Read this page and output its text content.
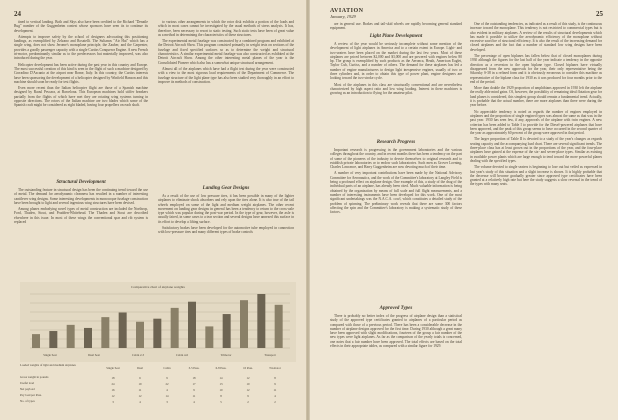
24

tined to vertical landing. Both and Skys also have been credited to the Richard "Denatle Bug" number of the Guggenheim contest whose sponsors have seen its to continue its development.

Attempts to improve safety by the school of designers advocating this positioning landings, as exemplified by Zelzano and Rosatelli. The Sultanos "Air Hat" which has a single wing, does not show Jerome's monoplane principle, the Zauber, and the Carpenter, provides a goodly passenger capacity with a single Curtiss Conqueror Engine. A new French tri-motor, predominantly similar as to the predecessors but materially improved, was also introduced during the year.

Helicopter development has been active during the past year in this country and Europe. The most successful creation of this kind is seen in the flight of such a machine designed by Corradino D'Ascanio at the airport near Rome, Italy. In this country, the Curtiss interests have been sponsoring the development of a helicopter designed by Winfield Hanson and this machine should soon be ready for test flights.

Even more recent than the Italian helicopter flight are those of a Spanish machine designed by Raoul Pescara, at Barcelona. This European machines hold stiffer breakers partially from the flights of which have met they are rotating wing systems turning in opposite directions. The rotors of the Italian machine are two blades which some of the Spanish craft might be considered as eight bladed, having four propellers on each shaft.

Structural Development

The outstanding feature in structural design has been the continuing trend toward the use of metal. The demand for aerodynamic cleanness has resulted in a number of interesting cantilever wing designs. Some interesting developments in monocoque fuselage construction have been brought to light and several ingenious wing structures have been devised.

Among planes embodying novel types of metal construction are included the Northrop, Ford, Thaden, Stout, and Prudden-Whitehead. The Thaden and Stout are described elsewhere in this issue. In most of these wings the conventional spar and rib system is replaced

to various other arrangements in which the rotor disk exhibits a portion of the loads and which in most cases cannot be investigated by the usual methods of stress analysis. It has, therefore, been necessary to resort to static testing. Such static tests have been of great value as a method in determining the characteristics of these structures.

The experimental metal fuselage was constructed by a combined program and exhibited at the Detroit Aircraft Show. This program consisted primarily in weight tests on sections of the fuselage and fixed specified surfaces so as to determine the weight and structural characteristics. A similar experimental metal fuselage was also constructed as exhibited at the Detroit Aircraft Show. Among the other interesting metal planes of the year is the Consolidated Pioneer which also has a somewhat unique structural arrangement.

Almost all of the airplanes which have had a flight test during the year were constructed with a view to the most rigorous load requirements of the Department of Commerce. The fuselage structure of the light plane type has also been studied very thoroughly in an effort to improve its methods of construction.

Landing Gear Designs

As a result of the use of low pressure tires, it has been possible in many of the lighter airplanes to eliminate shock absorbers and rely upon the tires alone. It is also true of the tail wheels employed on some of the light and medium weight airplanes. The other recent movement on landing gear designs in general has been a tendency to return to the cross-axle type which was popular during the post-war period. In the type of gear, however, the axle is usually faired, in some cases to a tear section and several designs have annexed this surface in its effort to develop a lifting surface.

Satisfactory brakes have been developed for the automotive tube employed in connection with low-pressure tires and many different types of brake controls

Comparative chart of airplane weights
Single Seat	Dual Seat	Cabin 2-3	Cabin 4-6	Trimotor	Transport
Loaded weights of light and medium airplanes
Single Seat	Dual	Cabin	3-5 Pass.	6-8 Pass.	10 Pass.	Tri-motor
Gross weight in pounds	18	6	9	18	14	12	8
Useful load	24	19	22	17	13	10	9
Net payload	16	11	4	9	10	12	11
Pay load per Pass.	12	12	14	11	8	9	4
No. of types	3	4	3	4	5	2	2
AVIATION
January, 1929	25

are in general use. Brakes and tail-skid wheels are rapidly becoming general standard equipment.

Light Plane Development

A review of the year would be seriously incomplete without some mention of the development of light airplanes in America and to a certain extent in Europe. Light- and two-seaters have been placed on the market during the last few years. Most of these airplanes are priced between $2,000 and $3,000 and are powered with engines below 80 hp. The group is exemplified by such products as the Aeronca, Heath, American Eaglet, Taylor Cub, Curtiss, and a number of others. The demand for these airplanes has led a number of engine manufacturers to design light inexpensive engines, usually of two or three cylinders and, in order to obtain this type of power plant, engine designers are looking toward the two-stroke cycle.

Most of the airplanes in this class are structurally conventional and are nevertheless characterized by high aspect ratio and low wing loading. Interest in these machines is growing as an introduction to flying for the amateur pilot.

Research Progress

Important research is progressing in the government laboratories and the various colleges throughout the country, and in recent months there has been a tendency on the part of some of the pioneers of the industry to devote themselves to original research and to establish private laboratories or to endow such laboratories. Such men as Grover Loening, Charles Lawrance, and Harry Guggenheim are now devoting much of their time.

A number of very important contributions have been made by the National Advisory Committee for Aeronautics, and the work of the Committee's laboratory at Langley Field is being a profound effect on airplane design. One example of this, a study of the drag of the individual parts of an airplane, has already been cited. Much valuable information is being obtained by the organization by means of full scale and full flight measurements, and a number of interesting instruments have been developed for this work. One of the most significant undertakings was the N.A.C.A. cowl, which constitutes a detailed study of the problem of spinning. The preliminary work reveals that there are some 300 factors affecting the spin and the Committee's laboratory is making a systematic study of these factors.

Approved Types

There is probably no better index of the progress of airplane design than a statistical study of the approved type certificates granted to airplanes of a particular period as compared with those of a previous period. There has been a considerable decrease in the number of airplane designs approved for the first time. During 1930 although a great many have been approved with slight modifications, fourteen of the group a fair number of the new types were light airplanes. As far as the comparison of the yearly totals is concerned, one notes that a fair number have been approved. The total effects are based on the total effects in their appropriate tables, as compared with a similar figure for 1929.

One of the outstanding tendencies, as indicated as a result of this study, is the continuous increase toward the monoplane. This tendency is not restricted to commercial types but is also evident in military airplanes. A review of the results of structural developments which has made it possible to utilize the aerodynamic efficiency of the monoplane without excessive sacrifice of structural efficiency. It is also the result of the increasing demand for closed airplanes and the fact that a number of standard low wing designs have been developed.

The percentage of open biplanes has fallen below that of closed monoplanes during 1930 although the figures for the last half of the year indicate a tendency in the opposite direction as a reversion to the open biplane type. Closed biplanes have virtually disappeared from the new approvals for the year, their only representative being the Sikorsky S-38 in a refined form and it is obviously erroneous to consider this machine as representative of the biplane class for 1930 as it was produced for four months prior to the end of the period.

More than double the 1929 proportion of amphibians approved in 1930 left the airplane the really able mind gains. Of, however, the possibility of remaining ideal flotation gear for land planes is considered, this simplest group should remain a fundamental trend. Actually, it is probable that the actual number, there are more airplanes than there were during the year before.

No appreciable tendency is noted as regards the number of engines employed in airplanes and the proportion of single engined types was almost the same as that was in the past year. 1930 has seen few, if any, approvals of the airplane with twin engines. A new criterion has been added to Table I to provide for the Diesel-powered airplanes that have been approved, and the peak of this group seems to have occurred in the second quarter of the year as approximately 60 percent of the group were approved in that period.

The larger proportion of Table II is devoted to a study of the year's changes as regards seating capacity and the accompanying load chart. There are several significant trends. The three-place class has at least grown out in the proportions of the year, and the four-place airplanes have gained at the expense of the six- and seven-place types. Similar as existing in available power plants which are large enough to tend toward the more powerful planes dealing with the specified types.

The volume devoted to single seaters is beginning to lose out but veiled as expressed in last year's study of this situation and a slight increase is shown. It is highly probable that the decrease will become gradually greater since approved type certificates have been granted at a relatively high rate but here the study suggests a slow reversal in the trend of the types with many seats.
